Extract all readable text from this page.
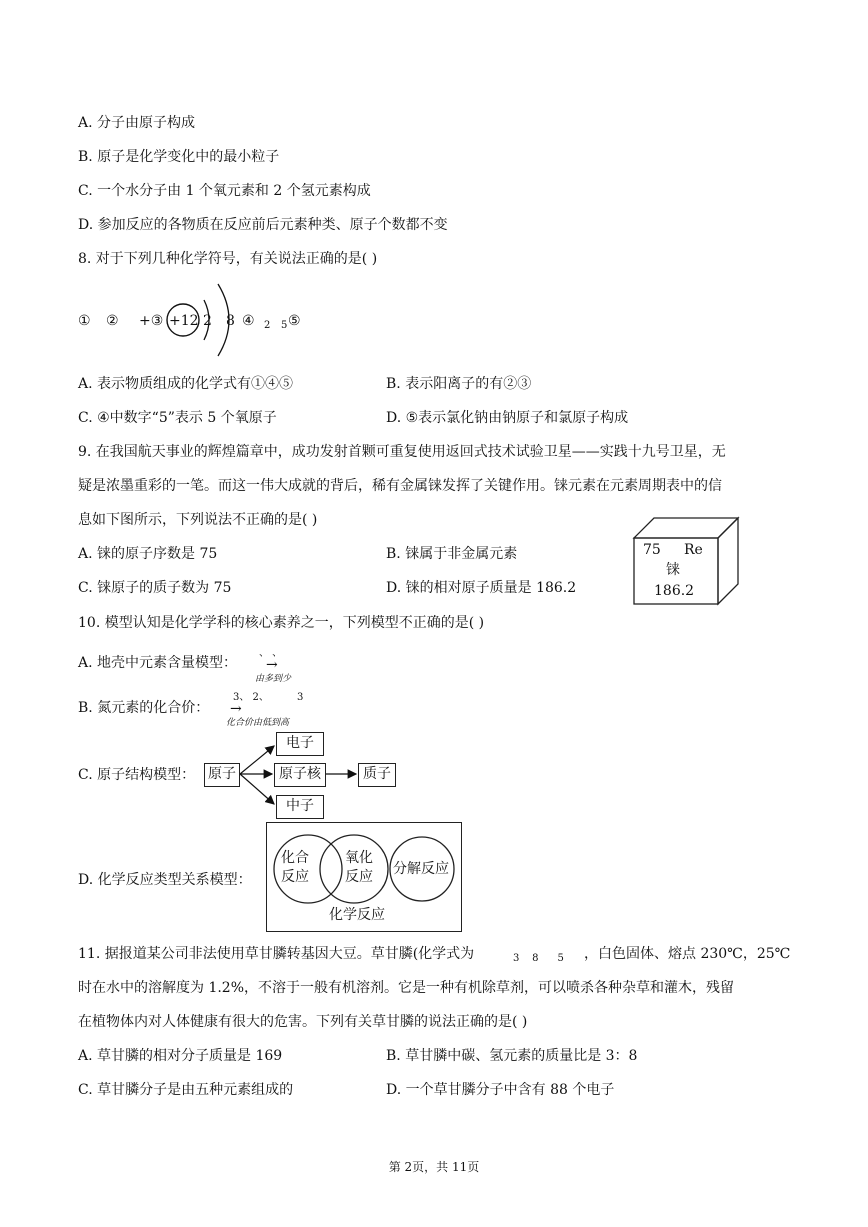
A. 分子由原子构成
B. 原子是化学变化中的最小粒子
C. 一个水分子由 1 个氧元素和 2 个氢元素构成
D. 参加反应的各物质在反应前后元素种类、原子个数都不变
8. 对于下列几种化学符号，有关说法正确的是( )
① ② +③ +12 2 8 ④ 2 5 ⑤
A. 表示物质组成的化学式有①④⑤	B. 表示阳离子的有②③
C. ④中数字“5”表示 5 个氧原子	D. ⑤表示氯化钠由钠原子和氯原子构成
9. 在我国航天事业的辉煌篇章中，成功发射首颗可重复使用返回式技术试验卫星——实践十九号卫星，无
疑是浓墨重彩的一笔。而这一伟大成就的背后，稀有金属铼发挥了关键作用。铼元素在元素周期表中的信
息如下图所示，下列说法不正确的是( )
A. 铼的原子序数是 75	B. 铼属于非金属元素
C. 铼原子的质子数为 75	D. 铼的相对原子质量是 186.2
75 Re
铼
186.2
10. 模型认知是化学学科的核心素养之一，下列模型不正确的是( )
A. 地壳中元素含量模型：
、 、
→
由多到少
B. 氮元素的化合价：
3、 2、	3
→
化合价由低到高
C. 原子结构模型： 原子
电子
原子核	质子
中子
D. 化学反应类型关系模型：
化合
反应
氧化
反应 分解反应
化学反应
11. 据报道某公司非法使用草甘膦转基因大豆。草甘膦(化学式为	3    8      5 ，白色固体、熔点 230℃，25℃
时在水中的溶解度为 1.2%，不溶于一般有机溶剂。它是一种有机除草剂，可以喷杀各种杂草和灌木，残留
在植物体内对人体健康有很大的危害。下列有关草甘膦的说法正确的是( )
A. 草甘膦的相对分子质量是 169	B. 草甘膦中碳、氢元素的质量比是 3：8
C. 草甘膦分子是由五种元素组成的	D. 一个草甘膦分子中含有 88 个电子
第 2页，共 11页
